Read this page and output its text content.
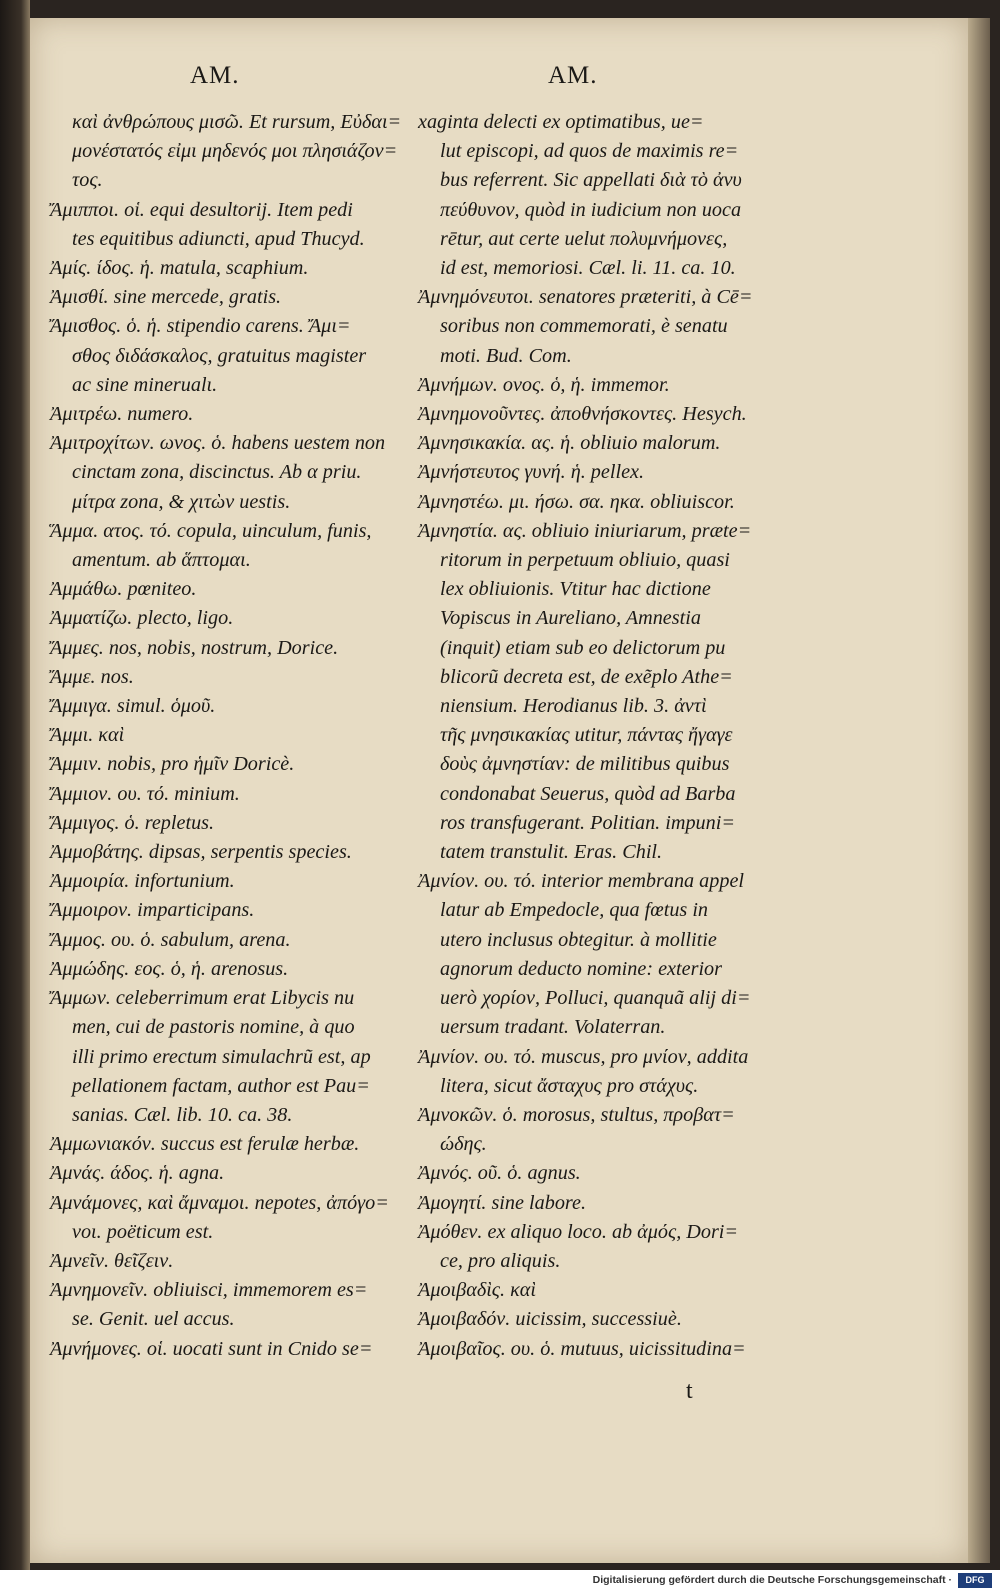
AM.	AM.

καὶ ἀνθρώπους μισῶ. Et rursum, Εὐδαι=

μονέστατός εἰμι μηδενός μοι πλησιάζον=

τος.

Ἄμιπποι. οἱ. equi desultorij. Item pedi

tes equitibus adiuncti, apud Thucyd.

Ἀμίς. ίδος. ἡ. matula, scaphium.

Ἀμισθί. sine mercede, gratis.

Ἄμισθος. ὁ. ἡ. stipendio carens. Ἄμι=

σθος διδάσκαλος, gratuitus magister

ac sine minerualι.

Ἀμιτρέω. numero.

Ἀμιτροχίτων. ωνος. ὁ. habens uestem non

cinctam zona, discinctus. Ab α priu.

μίτρα zona, & χιτὼν uestis.

Ἅμμα. ατος. τό. copula, uinculum, funis,

amentum. ab ἅπτομαι.

Ἀμμάθω. pœniteo.

Ἀμματίζω. plecto, ligo.

Ἄμμες. nos, nobis, nostrum, Dorice.

Ἄμμε. nos.

Ἄμμιγα. simul. ὁμοῦ.

Ἄμμι. καὶ

Ἄμμιν. nobis, pro ἡμῖν Doricè.

Ἄμμιον. ου. τό. minium.

Ἄμμιγος. ὁ. repletus.

Ἀμμοβάτης. dipsas, serpentis species.

Ἀμμοιρία. infortunium.

Ἄμμοιρον. imparticipans.

Ἄμμος. ου. ὁ. sabulum, arena.

Ἀμμώδης. εος. ὁ, ἡ. arenosus.

Ἄμμων. celeberrimum erat Libycis nu

men, cui de pastoris nomine, à quo

illi primo erectum simulachrũ est, ap

pellationem factam, author est Pau=

sanias. Cæl. lib. 10. ca. 38.

Ἀμμωνιακόν. succus est ferulæ herbæ.

Ἀμνάς. άδος. ἡ. agna.

Ἀμνάμονες, καὶ ἄμναμοι. nepotes, ἀπόγο=

νοι. poëticum est.

Ἀμνεῖν. θεῖζειν.

Ἀμνημονεῖν. obliuisci, immemorem es=

se. Genit. uel accus.

Ἀμνήμονες. οἱ. uocati sunt in Cnido se=

xaginta delecti ex optimatibus, ue=

lut episcopi, ad quos de maximis re=

bus referrent. Sic appellati διὰ τὸ ἀνυ

πεύθυνον, quòd in iudicium non uoca

rētur, aut certe uelut πολυμνήμονες,

id est, memoriosi. Cæl. li. 11. ca. 10.

Ἀμνημόνευτοι. senatores præteriti, à Cē=

soribus non commemorati, è senatu

moti. Bud. Com.

Ἀμνήμων. ονος. ὁ, ἡ. immemor.

Ἀμνημονοῦντες. ἀποθνήσκοντες. Hesych.

Ἀμνησικακία. ας. ἡ. obliuio malorum.

Ἀμνήστευτος γυνή. ἡ. pellex.

Ἀμνηστέω. μι. ήσω. σα. ηκα. obliuiscor.

Ἀμνηστία. ας. obliuio iniuriarum, præte=

ritorum in perpetuum obliuio, quasi

lex obliuionis. Vtitur hac dictione

Vopiscus in Aureliano, Amnestia

(inquit) etiam sub eo delictorum pu

blicorũ decreta est, de exẽplo Athe=

niensium. Herodianus lib. 3. ἀντὶ

τῆς μνησικακίας utitur, πάντας ἤγαγε

δοὺς ἀμνηστίαν: de militibus quibus

condonabat Seuerus, quòd ad Barba

ros transfugerant. Politian. impuni=

tatem transtulit. Eras. Chil.

Ἀμνίον. ου. τό. interior membrana appel

latur ab Empedocle, qua fœtus in

utero inclusus obtegitur. à mollitie

agnorum deducto nomine: exterior

uerò χορίον, Polluci, quanquã alij di=

uersum tradant. Volaterran.

Ἀμνίον. ου. τό. muscus, pro μνίον, addita

litera, sicut ἄσταχυς pro στάχυς.

Ἀμνοκῶν. ὁ. morosus, stultus, προβατ=

ώδης.

Ἀμνός. οῦ. ὁ. agnus.

Ἀμογητί. sine labore.

Ἀμόθεν. ex aliquo loco. ab ἀμός, Dori=

ce, pro aliquis.

Ἀμοιβαδὶς. καὶ

Ἀμοιβαδόν. uicissim, successiuè.

Ἀμοιβαῖος. ου. ὁ. mutuus, uicissitudina=

t
Digitalisierung gefördert durch die Deutsche Forschungsgemeinschaft ·	DFG
